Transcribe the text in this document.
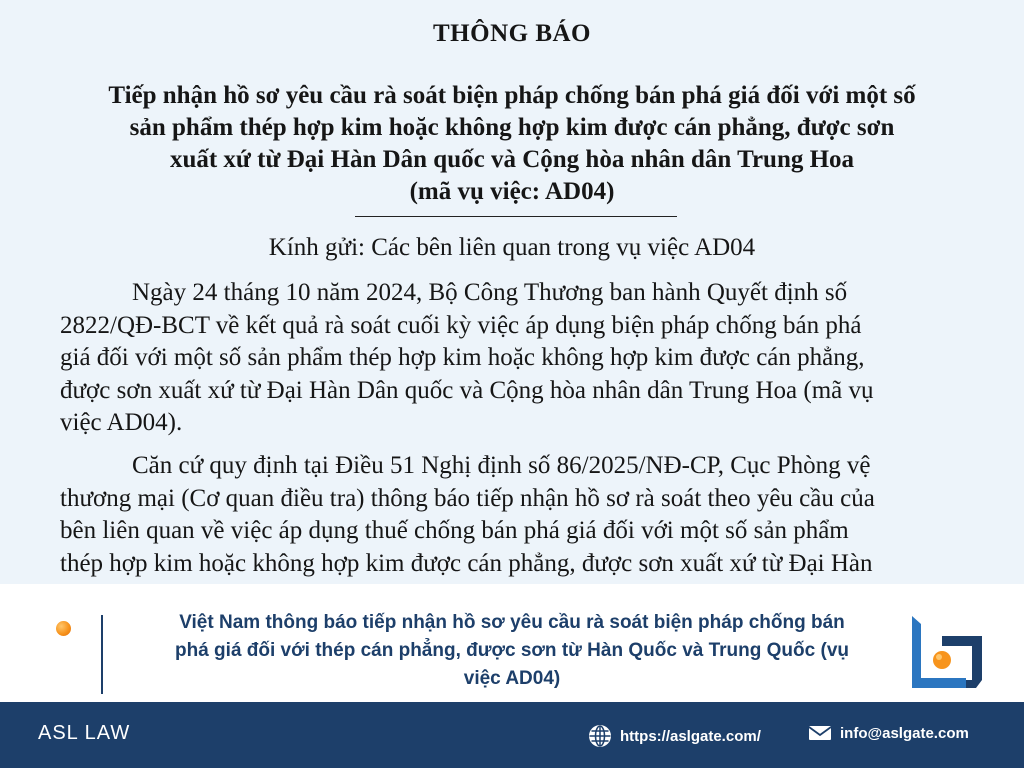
THÔNG BÁO
Tiếp nhận hồ sơ yêu cầu rà soát biện pháp chống bán phá giá đối với một số
sản phẩm thép hợp kim hoặc không hợp kim được cán phẳng, được sơn
xuất xứ từ Đại Hàn Dân quốc và Cộng hòa nhân dân Trung Hoa
(mã vụ việc: AD04)
Kính gửi: Các bên liên quan trong vụ việc AD04
Ngày 24 tháng 10 năm 2024, Bộ Công Thương ban hành Quyết định số
2822/QĐ-BCT về kết quả rà soát cuối kỳ việc áp dụng biện pháp chống bán phá
giá đối với một số sản phẩm thép hợp kim hoặc không hợp kim được cán phẳng,
được sơn xuất xứ từ Đại Hàn Dân quốc và Cộng hòa nhân dân Trung Hoa (mã vụ
việc AD04).
Căn cứ quy định tại Điều 51 Nghị định số 86/2025/NĐ-CP, Cục Phòng vệ
thương mại (Cơ quan điều tra) thông báo tiếp nhận hồ sơ rà soát theo yêu cầu của
bên liên quan về việc áp dụng thuế chống bán phá giá đối với một số sản phẩm
thép hợp kim hoặc không hợp kim được cán phẳng, được sơn xuất xứ từ Đại Hàn
Việt Nam thông báo tiếp nhận hồ sơ yêu cầu rà soát biện pháp chống bán
phá giá đối với thép cán phẳng, được sơn từ Hàn Quốc và Trung Quốc (vụ
việc AD04)
ASL LAW	https://aslgate.com/	info@aslgate.com
